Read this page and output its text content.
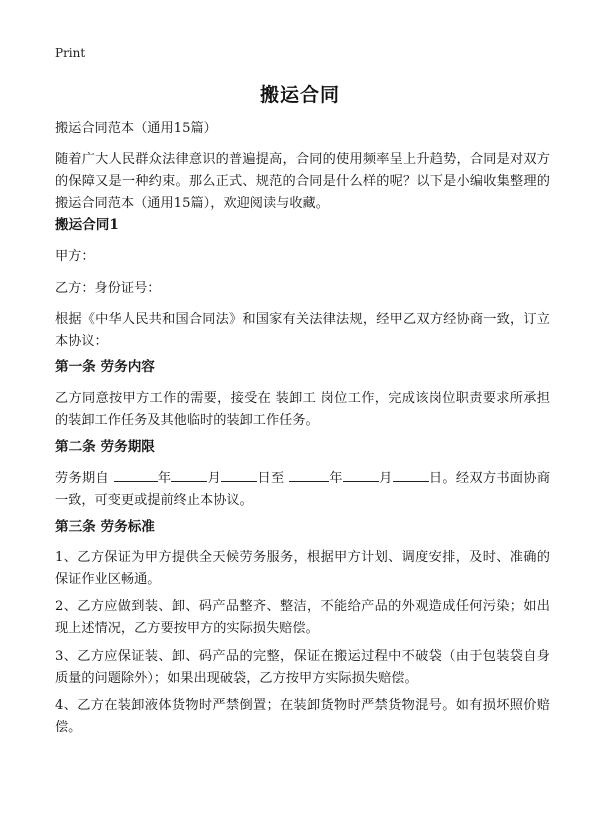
Print
搬运合同

搬运合同范本（通用15篇）

随着广大人民群众法律意识的普遍提高，合同的使用频率呈上升趋势，合同是对双方的保障又是一种约束。那么正式、规范的合同是什么样的呢？以下是小编收集整理的搬运合同范本（通用15篇），欢迎阅读与收藏。

搬运合同1

甲方：

乙方：身份证号：

根据《中华人民共和国合同法》和国家有关法律法规，经甲乙双方经协商一致，订立本协议：

第一条 劳务内容

乙方同意按甲方工作的需要，接受在 装卸工 岗位工作，完成该岗位职责要求所承担的装卸工作任务及其他临时的装卸工作任务。

第二条 劳务期限

劳务期自	年	月	日至	年	月	日。经双方书面协商一致，可变更或提前终止本协议。

第三条 劳务标准

1、乙方保证为甲方提供全天候劳务服务，根据甲方计划、调度安排，及时、准确的保证作业区畅通。

2、乙方应做到装、卸、码产品整齐、整洁，不能给产品的外观造成任何污染；如出现上述情况，乙方要按甲方的实际损失赔偿。

3、乙方应保证装、卸、码产品的完整，保证在搬运过程中不破袋（由于包装袋自身质量的问题除外）；如果出现破袋，乙方按甲方实际损失赔偿。

4、乙方在装卸液体货物时严禁倒置；在装卸货物时严禁货物混号。如有损坏照价赔偿。
